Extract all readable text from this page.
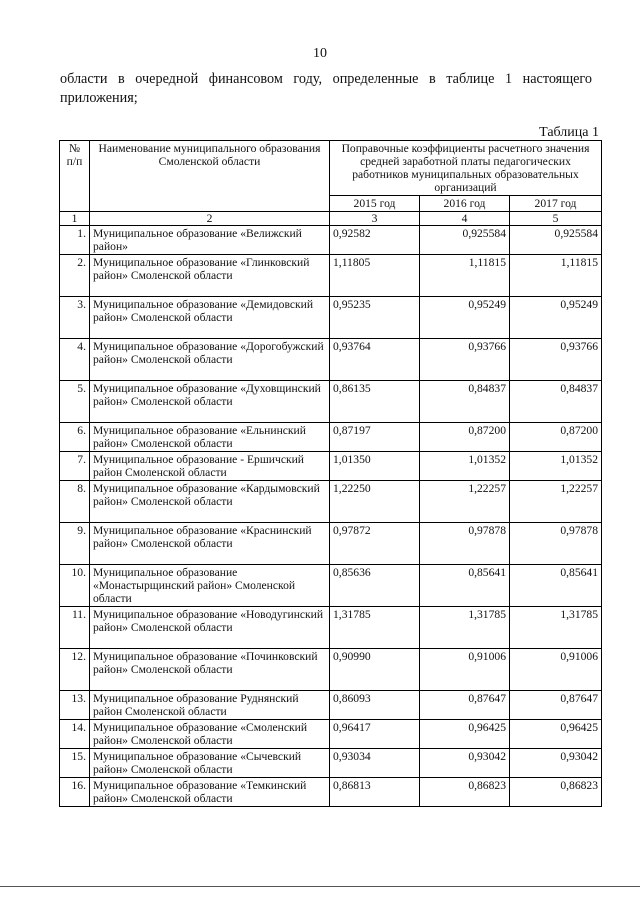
10
области в очередной финансовом году, определенные в таблице 1 настоящего приложения;
Таблица 1
№ п/п	Наименование муниципального образования Смоленской области	Поправочные коэффициенты расчетного значения средней заработной платы педагогических работников муниципальных образовательных организаций		
		2015 год	2016 год	2017 год
1	2	3	4	5
1.	Муниципальное образование «Велижский район»	0,92582	0,925584	0,925584
2.	Муниципальное образование «Глинковский район» Смоленской области	1,11805	1,11815	1,11815
3.	Муниципальное образование «Демидовский район» Смоленской области	0,95235	0,95249	0,95249
4.	Муниципальное образование «Дорогобужский район» Смоленской области	0,93764	0,93766	0,93766
5.	Муниципальное образование «Духовщинский район» Смоленской области	0,86135	0,84837	0,84837
6.	Муниципальное образование «Ельнинский район» Смоленской области	0,87197	0,87200	0,87200
7.	Муниципальное образование - Ершичский район Смоленской области	1,01350	1,01352	1,01352
8.	Муниципальное образование «Кардымовский район» Смоленской области	1,22250	1,22257	1,22257
9.	Муниципальное образование «Краснинский район» Смоленской области	0,97872	0,97878	0,97878
10.	Муниципальное образование «Монастырщинский район» Смоленской области	0,85636	0,85641	0,85641
11.	Муниципальное образование «Новодугинский район» Смоленской области	1,31785	1,31785	1,31785
12.	Муниципальное образование «Починковский район» Смоленской области	0,90990	0,91006	0,91006
13.	Муниципальное образование Руднянский район Смоленской области	0,86093	0,87647	0,87647
14.	Муниципальное образование «Смоленский район» Смоленской области	0,96417	0,96425	0,96425
15.	Муниципальное образование «Сычевский район» Смоленской области	0,93034	0,93042	0,93042
16.	Муниципальное образование «Темкинский район» Смоленской области	0,86813	0,86823	0,86823
